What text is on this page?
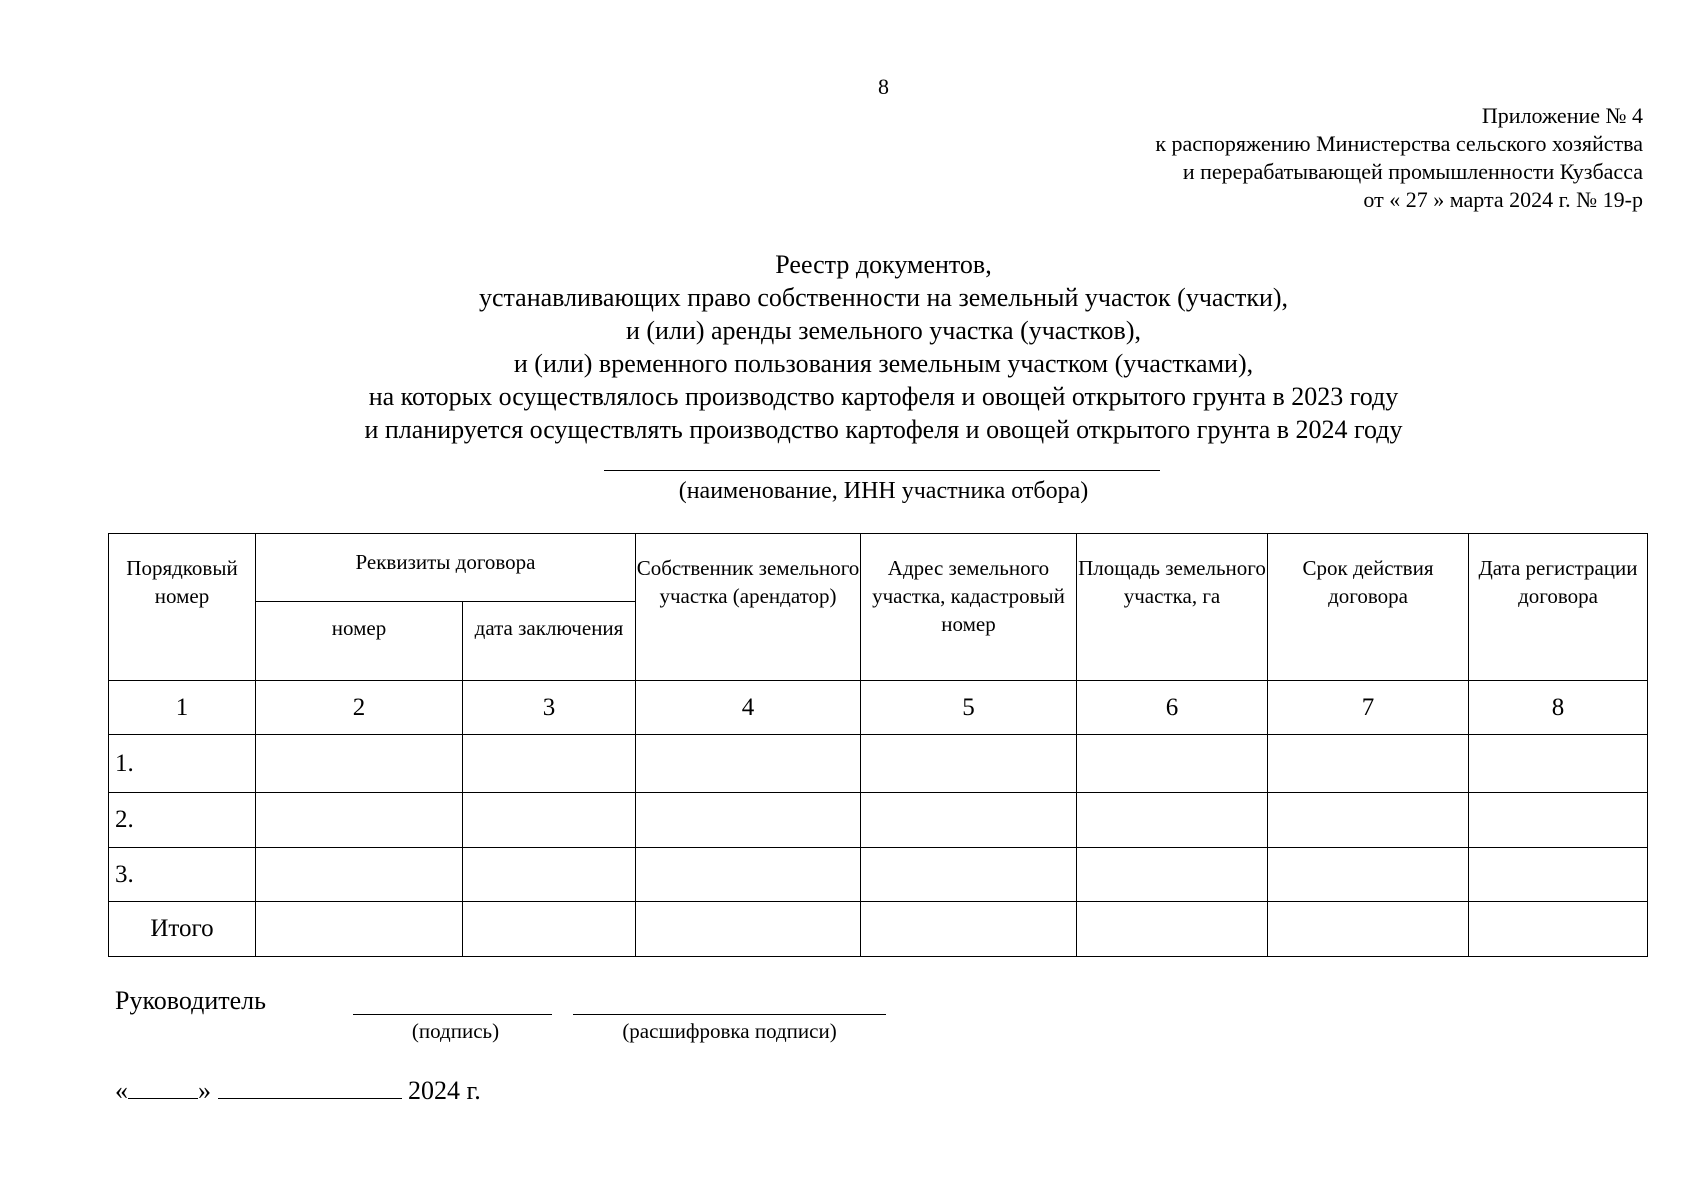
8
Приложение № 4
к распоряжению Министерства сельского хозяйства
и перерабатывающей промышленности Кузбасса
от « 27 » марта 2024 г. № 19-р
Реестр документов,
устанавливающих право собственности на земельный участок (участки),
и (или) аренды земельного участка (участков),
и (или) временного пользования земельным участком (участками),
на которых осуществлялось производство картофеля и овощей открытого грунта в 2023 году
и планируется осуществлять производство картофеля и овощей открытого грунта в 2024 году
(наименование, ИНН участника отбора)
Порядковый номер	Реквизиты договора		Собственник земельного участка (арендатор)	Адрес земельного участка, кадастровый номер	Площадь земельного участка, га	Срок действия договора	Дата регистрации договора
	номер	дата заключения					
1	2	3	4	5	6	7	8
1.							
2.							
3.							
Итого							
Руководитель
(подпись)	(расшифровка подписи)
«	»	2024 г.
